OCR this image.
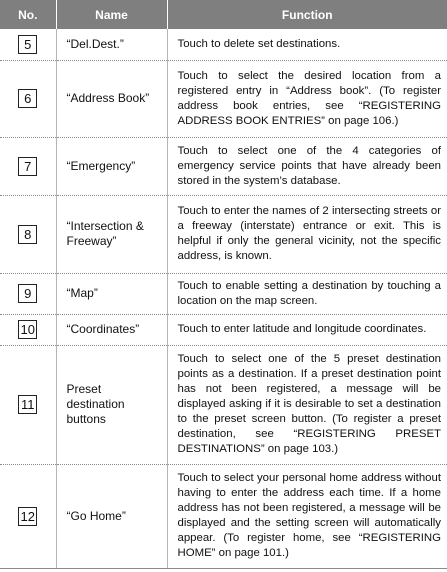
No.	Name	Function
5	“Del.Dest.”	Touch to delete set destinations.
6	“Address Book”	Touch to select the desired location from a registered entry in “Address book”. (To register address book entries, see “REGISTERING ADDRESS BOOK ENTRIES” on page 106.)
7	“Emergency”	Touch to select one of the 4 categories of emergency service points that have already been stored in the system’s database.
8	“Intersection & Freeway”	Touch to enter the names of 2 intersecting streets or a freeway (interstate) entrance or exit. This is helpful if only the general vicinity, not the specific address, is known.
9	“Map”	Touch to enable setting a destination by touching a location on the map screen.
10	“Coordinates”	Touch to enter latitude and longitude coordinates.
11	Preset destination buttons	Touch to select one of the 5 preset destination points as a destination. If a preset destination point has not been registered, a message will be displayed asking if it is desirable to set a destination to the preset screen button. (To register a preset destination, see “REGISTERING PRESET DESTINATIONS” on page 103.)
12	“Go Home”	Touch to select your personal home address without having to enter the address each time. If a home address has not been registered, a message will be displayed and the setting screen will automatically appear. (To register home, see “REGISTERING HOME” on page 101.)
